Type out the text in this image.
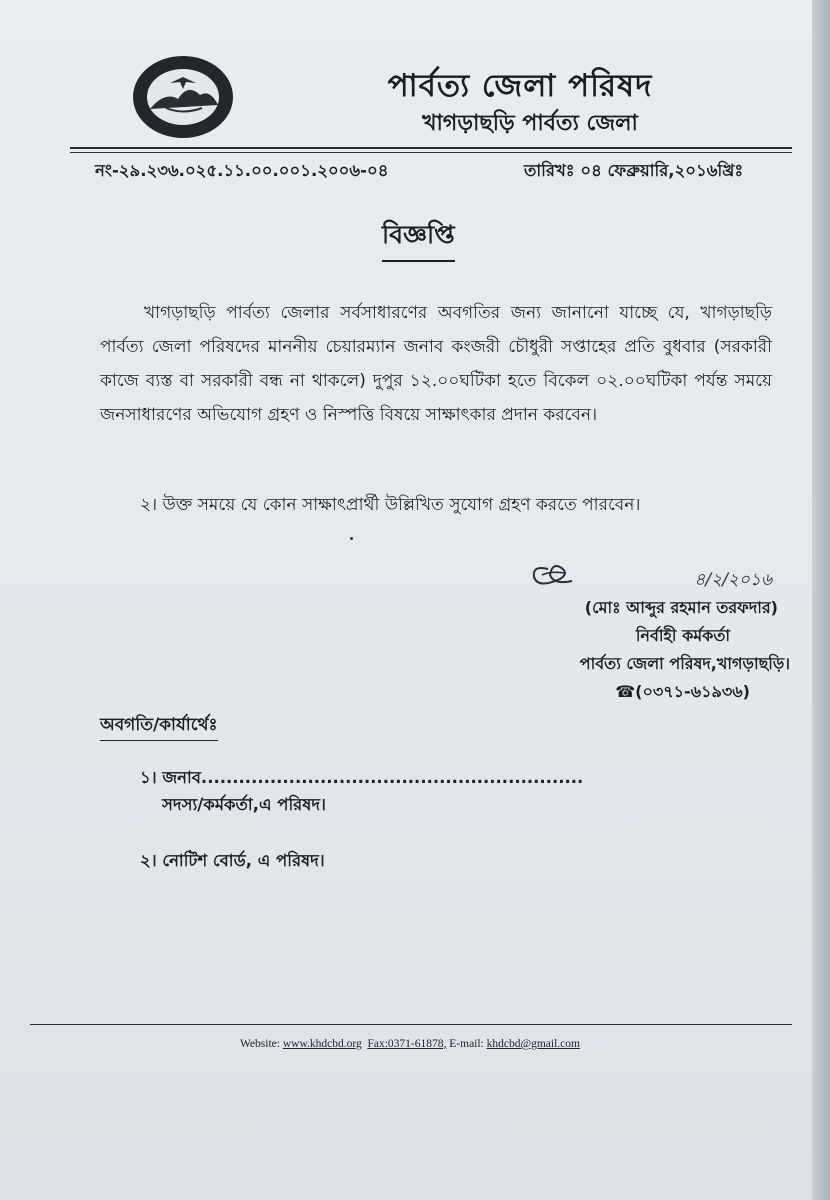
পার্বত্য জেলা পরিষদ
খাগড়াছড়ি পার্বত্য জেলা
নং-২৯.২৩৬.০২৫.১১.০০.০০১.২০০৬-০৪	তারিখঃ ০৪ ফেব্রুয়ারি,২০১৬খ্রিঃ
বিজ্ঞপ্তি
খাগড়াছড়ি পার্বত্য জেলার সর্বসাধারণের অবগতির জন্য জানানো যাচ্ছে যে, খাগড়াছড়ি পার্বত্য জেলা পরিষদের মাননীয় চেয়ারম্যান জনাব কংজরী চৌধুরী সপ্তাহের প্রতি বুধবার (সরকারী কাজে ব্যস্ত বা সরকারী বন্ধ না থাকলে) দুপুর ১২.০০ঘটিকা হতে বিকেল ০২.০০ঘটিকা পর্যন্ত সময়ে জনসাধারণের অভিযোগ গ্রহণ ও নিস্পত্তি বিষয়ে সাক্ষাৎকার প্রদান করবেন।
২। উক্ত সময়ে যে কোন সাক্ষাৎপ্রার্থী উল্লিখিত সুযোগ গ্রহণ করতে পারবেন।
৪/২/২০১৬
(মোঃ আব্দুর রহমান তরফদার)
নির্বাহী কর্মকর্তা
পার্বত্য জেলা পরিষদ,খাগড়াছড়ি।
☎(০৩৭১-৬১৯৩৬)
অবগতি/কার্যার্থেঃ
১। জনাব.............................................................
সদস্য/কর্মকর্তা,এ পরিষদ।
২। নোটিশ বোর্ড, এ পরিষদ।
Website: www.khdcbd.org Fax:0371-61878, E-mail: khdcbd@gmail.com
